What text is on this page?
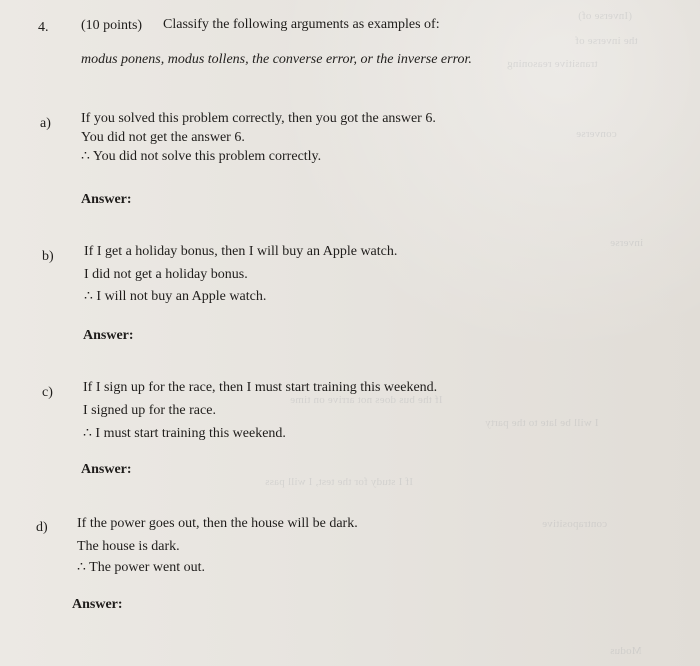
(Inverse of)
the inverse of
transitive reasoning
converse
inverse
If the bus does not arrive on time
I will be late to the party
If I study for the test, I will pass
contrapositive
Modus
4. (10 points) Classify the following arguments as examples of:
modus ponens, modus tollens, the converse error, or the inverse error.
a) If you solved this problem correctly, then you got the answer 6.
You did not get the answer 6.
∴ You did not solve this problem correctly.
Answer:
b) If I get a holiday bonus, then I will buy an Apple watch.
I did not get a holiday bonus.
∴ I will not buy an Apple watch.
Answer:
c) If I sign up for the race, then I must start training this weekend.
I signed up for the race.
∴ I must start training this weekend.
Answer:
d) If the power goes out, then the house will be dark.
The house is dark.
∴ The power went out.
Answer:
